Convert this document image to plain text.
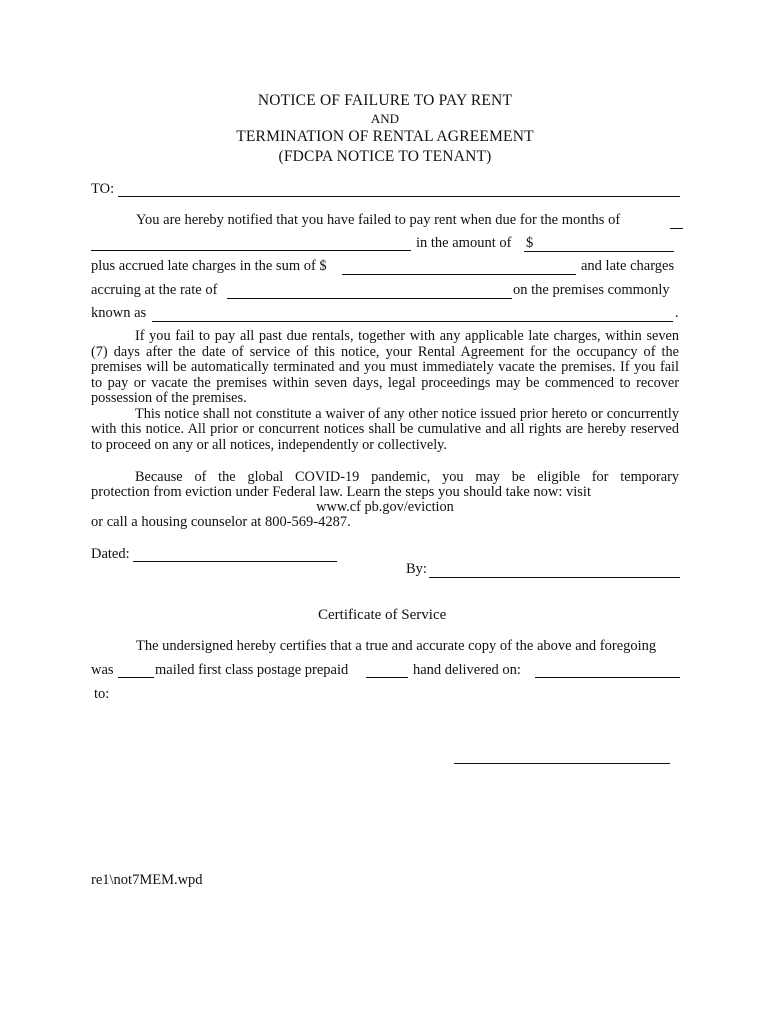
NOTICE OF FAILURE TO PAY RENT
AND
TERMINATION OF RENTAL AGREEMENT
(FDCPA NOTICE TO TENANT)
TO:
You are hereby notified that you have failed to pay rent when due for the months of
in the amount of $
plus accrued late charges in the sum of $	and late charges
accruing at the rate of	on the premises commonly
known as	.

If you fail to pay all past due rentals, together with any applicable late charges, within seven (7) days after the date of service of this notice, your Rental Agreement for the occupancy of the premises will be automatically terminated and you must immediately vacate the premises. If you fail to pay or vacate the premises within seven days, legal proceedings may be commenced to recover possession of the premises.

This notice shall not constitute a waiver of any other notice issued prior hereto or concurrently with this notice. All prior or concurrent notices shall be cumulative and all rights are hereby reserved to proceed on any or all notices, independently or collectively.

Because of the global COVID-19 pandemic, you may be eligible for temporary
protection from eviction under Federal law. Learn the steps you should take now: visit
www.cf pb.gov/eviction
or call a housing counselor at 800-569-4287.
Dated:
By:
Certificate of Service
The undersigned hereby certifies that a true and accurate copy of the above and foregoing
was	mailed first class postage prepaid	hand delivered on:
to:
re1\not7MEM.wpd
